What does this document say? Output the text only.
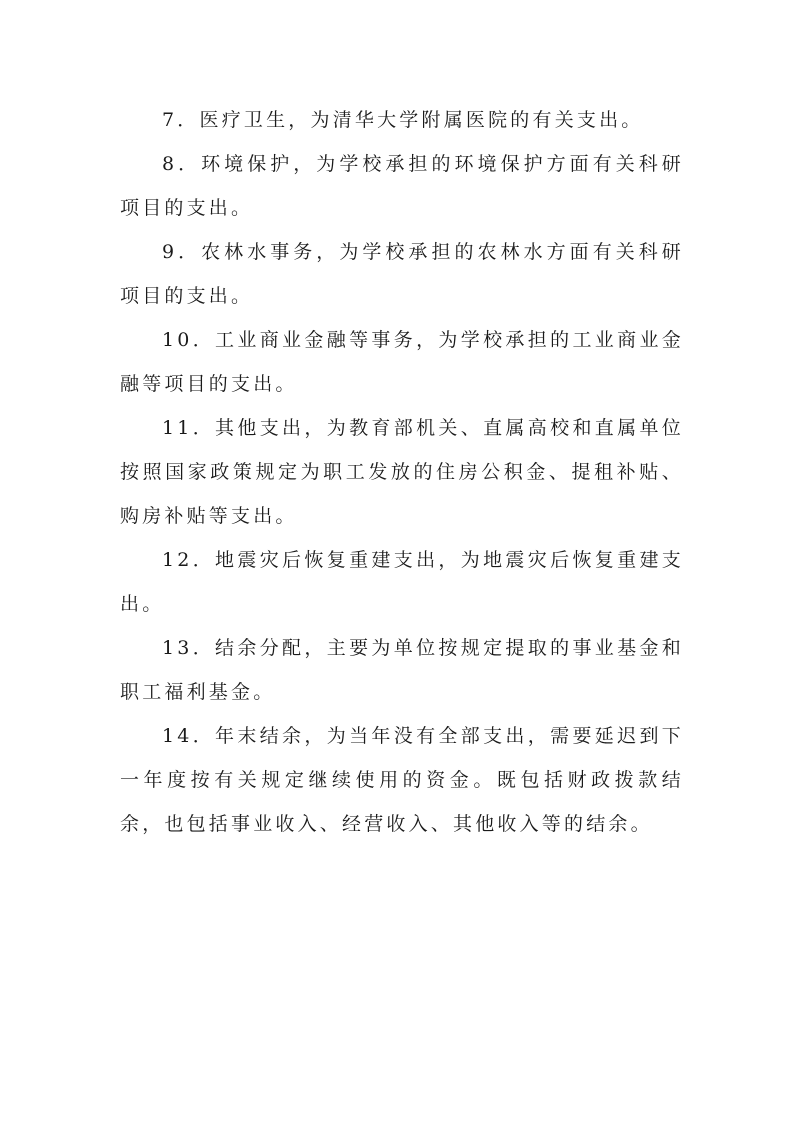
7．医疗卫生，为清华大学附属医院的有关支出。

8．环境保护，为学校承担的环境保护方面有关科研项目的支出。

9．农林水事务，为学校承担的农林水方面有关科研项目的支出。

10．工业商业金融等事务，为学校承担的工业商业金融等项目的支出。

11．其他支出，为教育部机关、直属高校和直属单位按照国家政策规定为职工发放的住房公积金、提租补贴、购房补贴等支出。

12．地震灾后恢复重建支出，为地震灾后恢复重建支出。

13．结余分配，主要为单位按规定提取的事业基金和职工福利基金。

14．年末结余，为当年没有全部支出，需要延迟到下一年度按有关规定继续使用的资金。既包括财政拨款结余，也包括事业收入、经营收入、其他收入等的结余。
